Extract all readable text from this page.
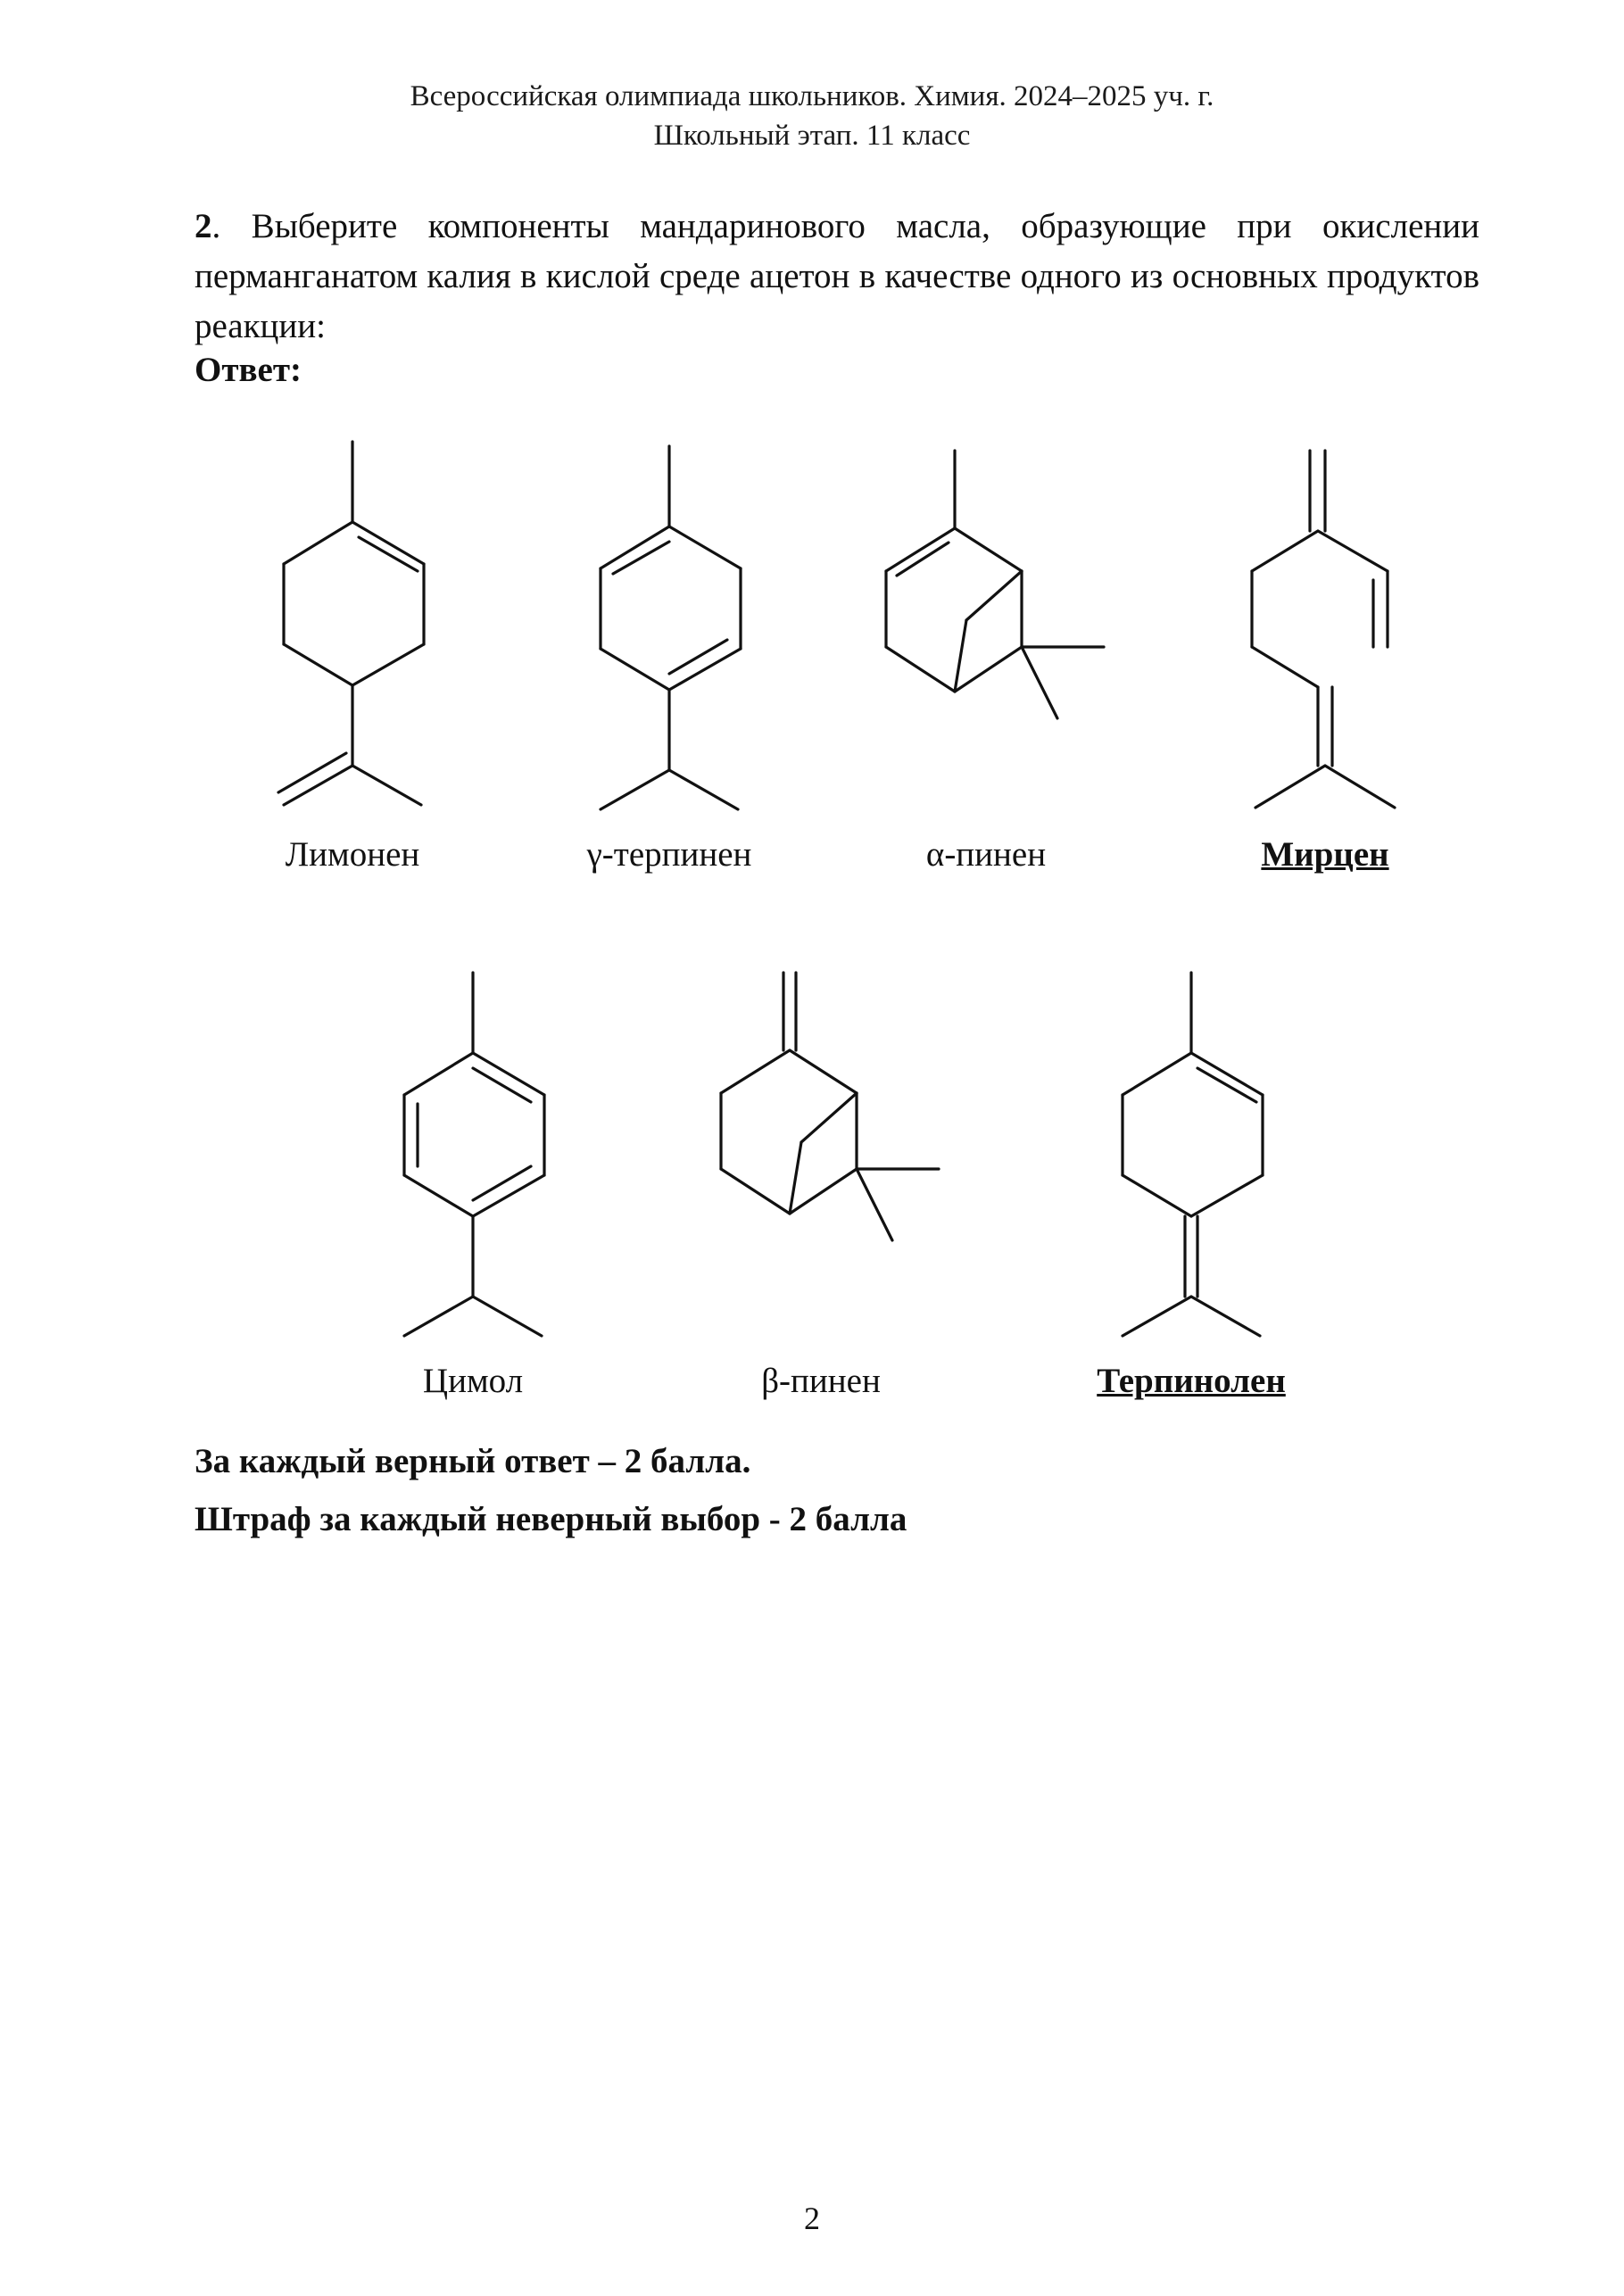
Всероссийская олимпиада школьников. Химия. 2024–2025 уч. г.
Школьный этап. 11 класс
2. Выберите компоненты мандаринового масла, образующие при окислении перманганатом калия в кислой среде ацетон в качестве одного из основных продуктов реакции:
Ответ:
Лимонен	γ-терпинен	α-пинен	Мирцен
Цимол	β-пинен	Терпинолен
За каждый верный ответ – 2 балла.
Штраф за каждый неверный выбор - 2 балла
2
